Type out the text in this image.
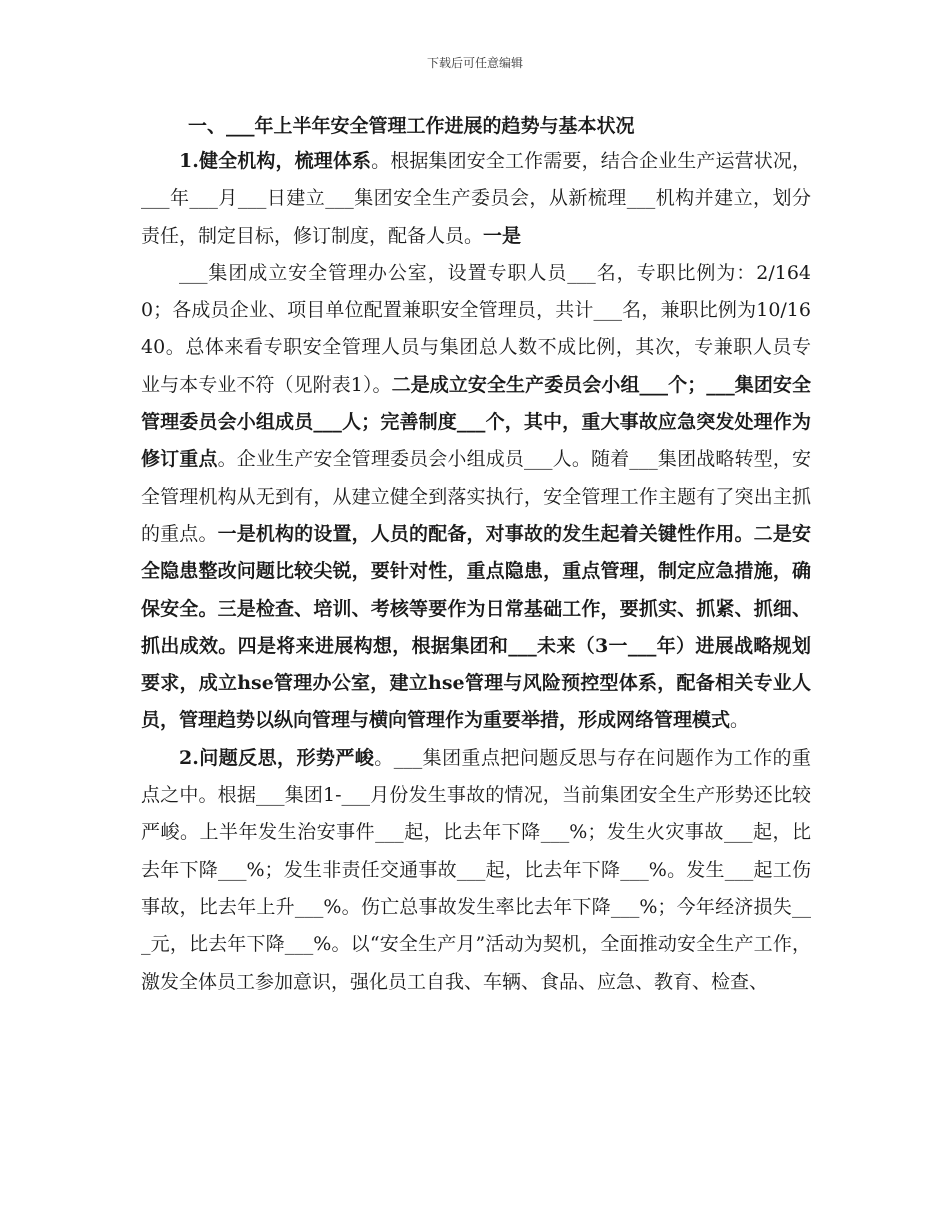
下载后可任意编辑
一、___年上半年安全管理工作进展的趋势与基本状况

1.健全机构，梳理体系。根据集团安全工作需要，结合企业生产运营状况，___年___月___日建立___集团安全生产委员会，从新梳理___机构并建立，划分责任，制定目标，修订制度，配备人员。一是

___集团成立安全管理办公室，设置专职人员___名，专职比例为：2/1640；各成员企业、项目单位配置兼职安全管理员，共计___名，兼职比例为10/1640。总体来看专职安全管理人员与集团总人数不成比例，其次，专兼职人员专业与本专业不符（见附表1）。二是成立安全生产委员会小组___个；___集团安全管理委员会小组成员___人；完善制度___个，其中，重大事故应急突发处理作为修订重点。企业生产安全管理委员会小组成员___人。随着___集团战略转型，安全管理机构从无到有，从建立健全到落实执行，安全管理工作主题有了突出主抓的重点。一是机构的设置，人员的配备，对事故的发生起着关键性作用。二是安全隐患整改问题比较尖锐，要针对性，重点隐患，重点管理，制定应急措施，确保安全。三是检查、培训、考核等要作为日常基础工作，要抓实、抓紧、抓细、抓出成效。四是将来进展构想，根据集团和___未来（3一___年）进展战略规划要求，成立hse管理办公室，建立hse管理与风险预控型体系，配备相关专业人员，管理趋势以纵向管理与横向管理作为重要举措，形成网络管理模式。

2.问题反思，形势严峻。___集团重点把问题反思与存在问题作为工作的重点之中。根据___集团1-___月份发生事故的情况，当前集团安全生产形势还比较严峻。上半年发生治安事件___起，比去年下降___%；发生火灾事故___起，比去年下降___%；发生非责任交通事故___起，比去年下降___%。发生___起工伤事故，比去年上升___%。伤亡总事故发生率比去年下降___%；今年经济损失___元，比去年下降___%。以“安全生产月”活动为契机，全面推动安全生产工作，激发全体员工参加意识，强化员工自我、车辆、食品、应急、教育、检查、
